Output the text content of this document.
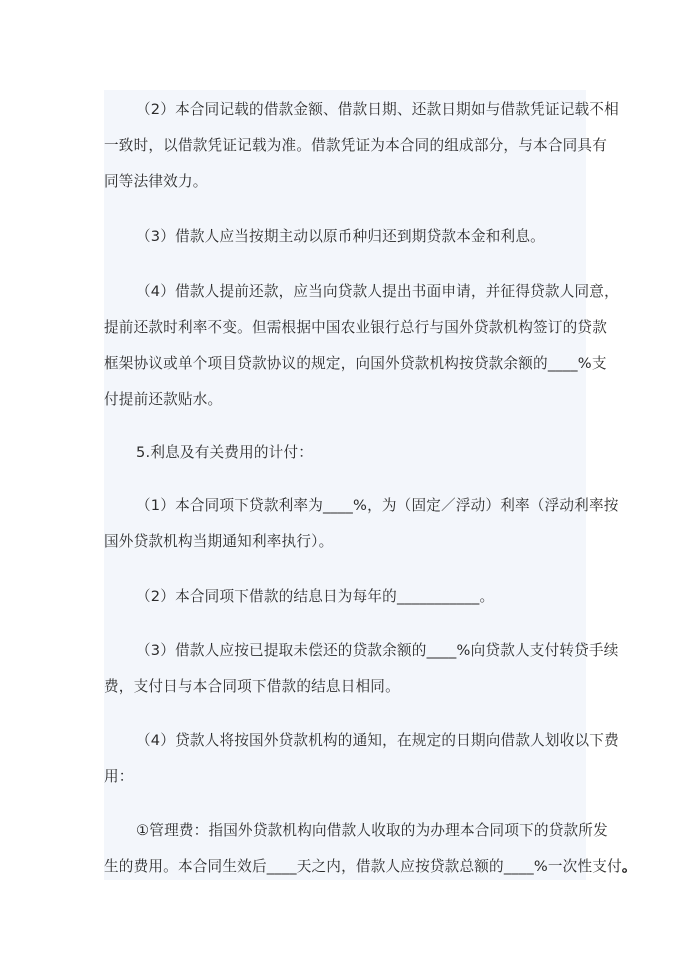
（2）本合同记载的借款金额、借款日期、还款日期如与借款凭证记载不相
一致时，以借款凭证记载为准。借款凭证为本合同的组成部分，与本合同具有
同等法律效力。
（3）借款人应当按期主动以原币种归还到期贷款本金和利息。
（4）借款人提前还款，应当向贷款人提出书面申请，并征得贷款人同意，
提前还款时利率不变。但需根据中国农业银行总行与国外贷款机构签订的贷款
框架协议或单个项目贷款协议的规定，向国外贷款机构按贷款余额的____%支
付提前还款贴水。
5.利息及有关费用的计付：
（1）本合同项下贷款利率为____%，为（固定／浮动）利率（浮动利率按
国外贷款机构当期通知利率执行）。
（2）本合同项下借款的结息日为每年的___________。
（3）借款人应按已提取未偿还的贷款余额的____%向贷款人支付转贷手续
费，支付日与本合同项下借款的结息日相同。
（4）贷款人将按国外贷款机构的通知，在规定的日期向借款人划收以下费
用：
①管理费：指国外贷款机构向借款人收取的为办理本合同项下的贷款所发
生的费用。本合同生效后____天之内，借款人应按贷款总额的____%一次性支付。
